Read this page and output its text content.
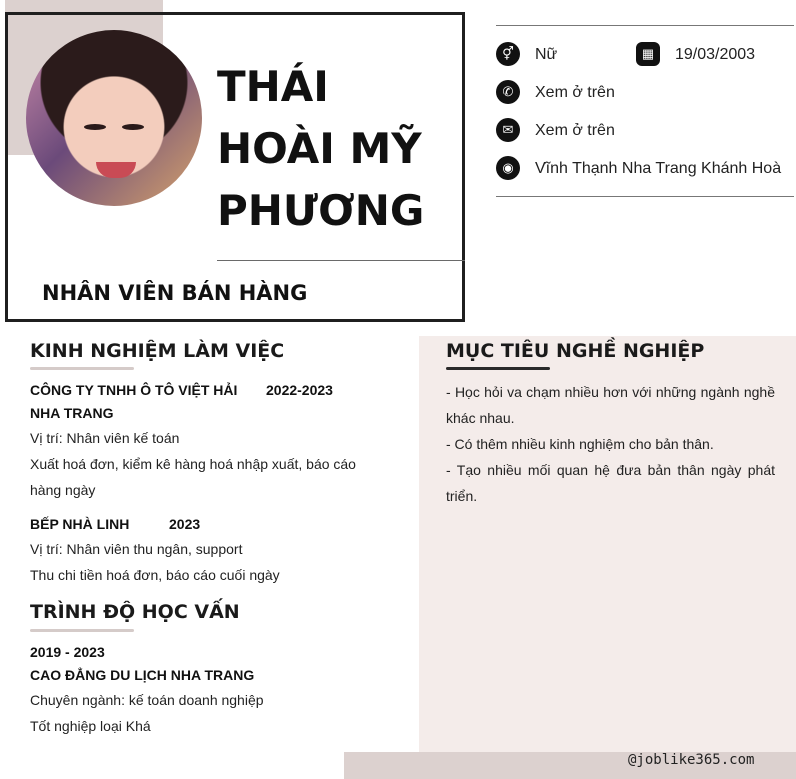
THÁI HOÀI MỸ PHƯƠNG
NHÂN VIÊN BÁN HÀNG
⚥	Nữ	▦	19/03/2003
✆	Xem ở trên
✉	Xem ở trên
◉	Vĩnh Thạnh Nha Trang Khánh Hoà
MỤC TIÊU NGHỀ NGHIỆP

- Học hỏi va chạm nhiều hơn với những ngành nghề khác nhau.

- Có thêm nhiều kinh nghiệm cho bản thân.

- Tạo nhiều mối quan hệ đưa bản thân ngày phát triển.

KINH NGHIỆM LÀM VIỆC
CÔNG TY TNHH Ô TÔ VIỆT HẢI 2022-2023
NHA TRANG
Vị trí: Nhân viên kế toán
Xuất hoá đơn, kiểm kê hàng hoá nhập xuất, báo cáo
hàng ngày
BẾP NHÀ LINH	2023
Vị trí: Nhân viên thu ngân, support
Thu chi tiền hoá đơn, báo cáo cuối ngày
TRÌNH ĐỘ HỌC VẤN
2019 - 2023
CAO ĐẲNG DU LỊCH NHA TRANG
Chuyên ngành: kế toán doanh nghiệp
Tốt nghiệp loại Khá
@joblike365.com
